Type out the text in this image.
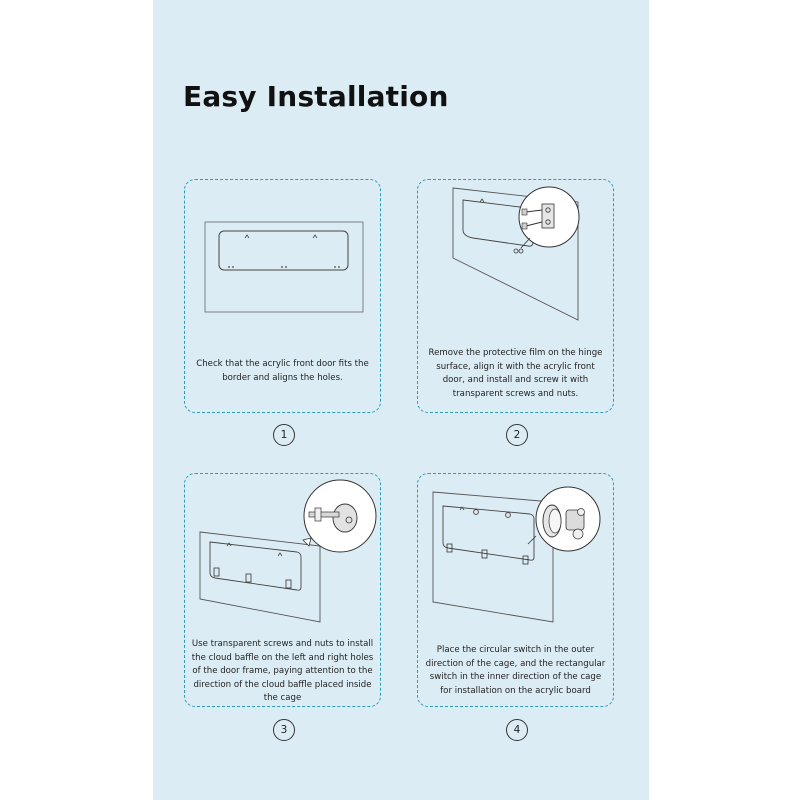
Easy Installation
Check that the acrylic front door fits the border and aligns the holes.
Remove the protective film on the hinge surface, align it with the acrylic front door, and install and screw it with transparent screws and nuts.
Use transparent screws and nuts to install the cloud baffle on the left and right holes of the door frame, paying attention to the direction of the cloud baffle placed inside the cage
Place the circular switch in the outer direction of the cage, and the rectangular switch in the inner direction of the cage for installation on the acrylic board
1	2
3	4
